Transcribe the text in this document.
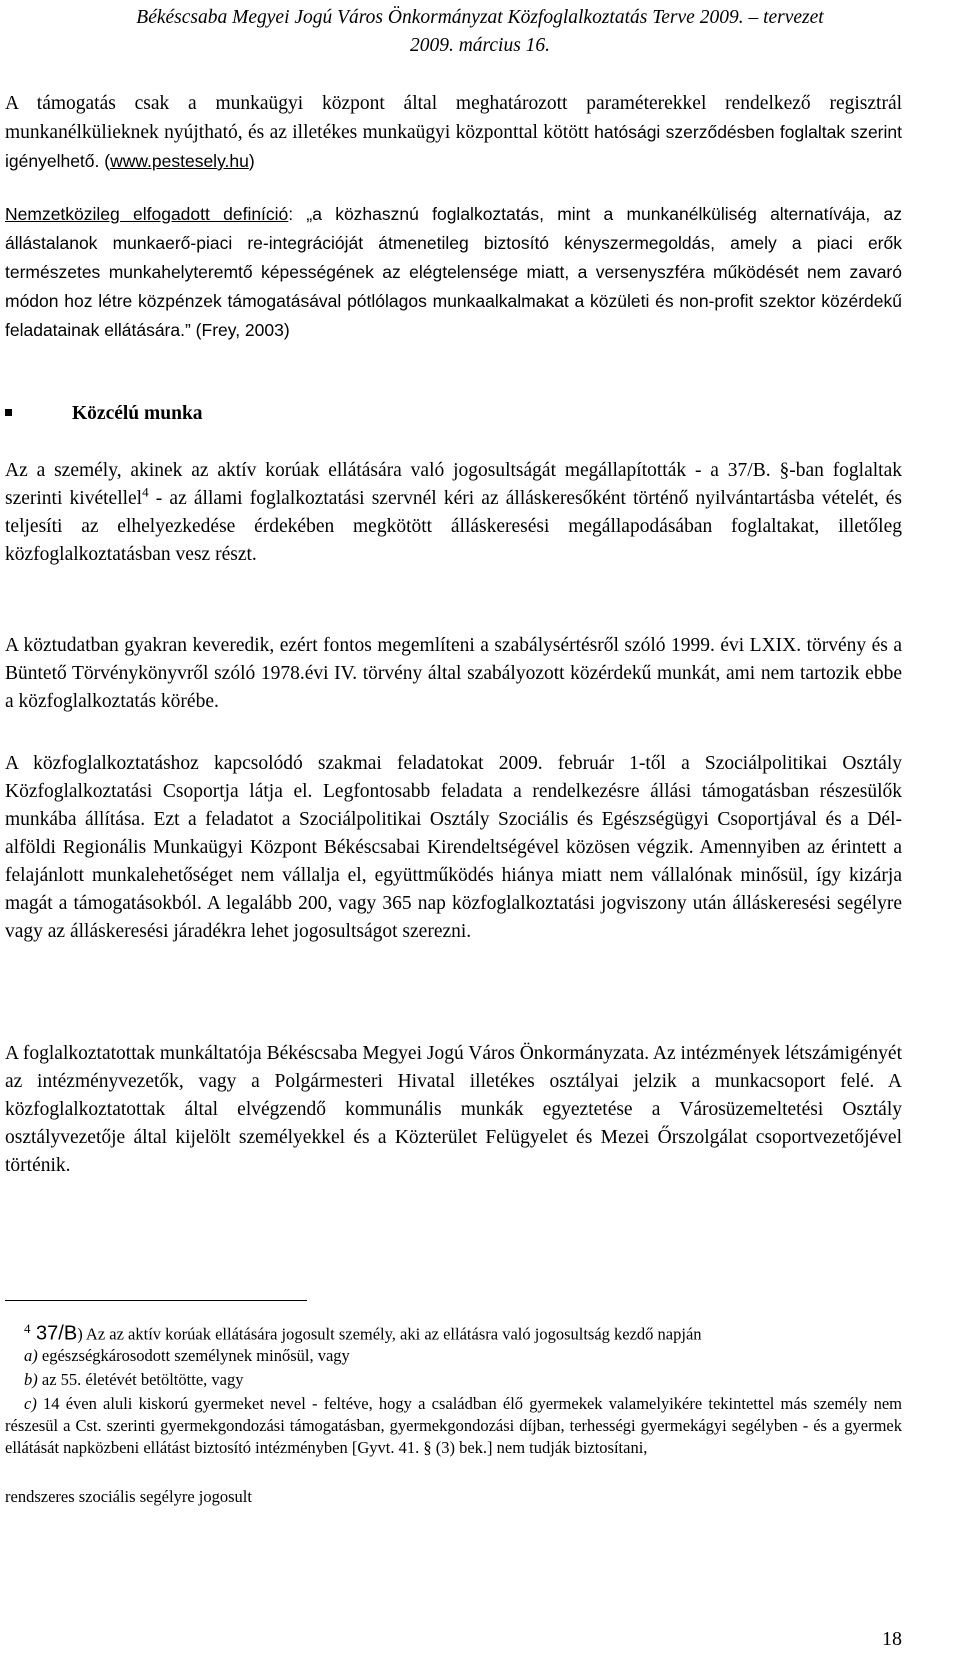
Békéscsaba Megyei Jogú Város Önkormányzat Közfoglalkoztatás Terve 2009. – tervezet
2009. március 16.
A támogatás csak a munkaügyi központ által meghatározott paraméterekkel rendelkező regisztrál munkanélkülieknek nyújtható, és az illetékes munkaügyi központtal kötött hatósági szerződésben foglaltak szerint igényelhető. (www.pestesely.hu)
Nemzetközileg elfogadott definíció: „a közhasznú foglalkoztatás, mint a munkanélküliség alternatívája, az állástalanok munkaerő-piaci re-integrációját átmenetileg biztosító kényszermegoldás, amely a piaci erők természetes munkahelyteremtő képességének az elégtelensége miatt, a versenyszféra működését nem zavaró módon hoz létre közpénzek támogatásával pótlólagos munkaalkalmakat a közületi és non-profit szektor közérdekű feladatainak ellátására.” (Frey, 2003)
Közcélú munka
Az a személy, akinek az aktív korúak ellátására való jogosultságát megállapították - a 37/B. §-ban foglaltak szerinti kivétellel$^4$ - az állami foglalkoztatási szervnél kéri az álláskeresőként történő nyilvántartásba vételét, és teljesíti az elhelyezkedése érdekében megkötött álláskeresési megállapodásában foglaltakat, illetőleg közfoglalkoztatásban vesz részt.
A köztudatban gyakran keveredik, ezért fontos megemlíteni a szabálysértésről szóló 1999. évi LXIX. törvény és a Büntető Törvénykönyvről szóló 1978.évi IV. törvény által szabályozott közérdekű munkát, ami nem tartozik ebbe a közfoglalkoztatás körébe.
A közfoglalkoztatáshoz kapcsolódó szakmai feladatokat 2009. február 1-től a Szociálpolitikai Osztály Közfoglalkoztatási Csoportja látja el. Legfontosabb feladata a rendelkezésre állási támogatásban részesülők munkába állítása. Ezt a feladatot a Szociálpolitikai Osztály Szociális és Egészségügyi Csoportjával és a Dél-alföldi Regionális Munkaügyi Központ Békéscsabai Kirendeltségével közösen végzik. Amennyiben az érintett a felajánlott munkalehetőséget nem vállalja el, együttműködés hiánya miatt nem vállalónak minősül, így kizárja magát a támogatásokból. A legalább 200, vagy 365 nap közfoglalkoztatási jogviszony után álláskeresési segélyre vagy az álláskeresési járadékra lehet jogosultságot szerezni.
A foglalkoztatottak munkáltatója Békéscsaba Megyei Jogú Város Önkormányzata. Az intézmények létszámigényét az intézményvezetők, vagy a Polgármesteri Hivatal illetékes osztályai jelzik a munkacsoport felé. A közfoglalkoztatottak által elvégzendő kommunális munkák egyeztetése a Városüzemeltetési Osztály osztályvezetője által kijelölt személyekkel és a Közterület Felügyelet és Mezei Őrszolgálat csoportvezetőjével történik.
$^4$ 37/B) Az az aktív korúak ellátására jogosult személy, aki az ellátásra való jogosultság kezdő napján
a) egészségkárosodott személynek minősül, vagy
b) az 55. életévét betöltötte, vagy
c) 14 éven aluli kiskorú gyermeket nevel - feltéve, hogy a családban élő gyermekek valamelyikére tekintettel más személy nem részesül a Cst. szerinti gyermekgondozási támogatásban, gyermekgondozási díjban, terhességi gyermekágyi segélyben - és a gyermek ellátását napközbeni ellátást biztosító intézményben [Gyvt. 41. § (3) bek.] nem tudják biztosítani,
rendszeres szociális segélyre jogosult
18
